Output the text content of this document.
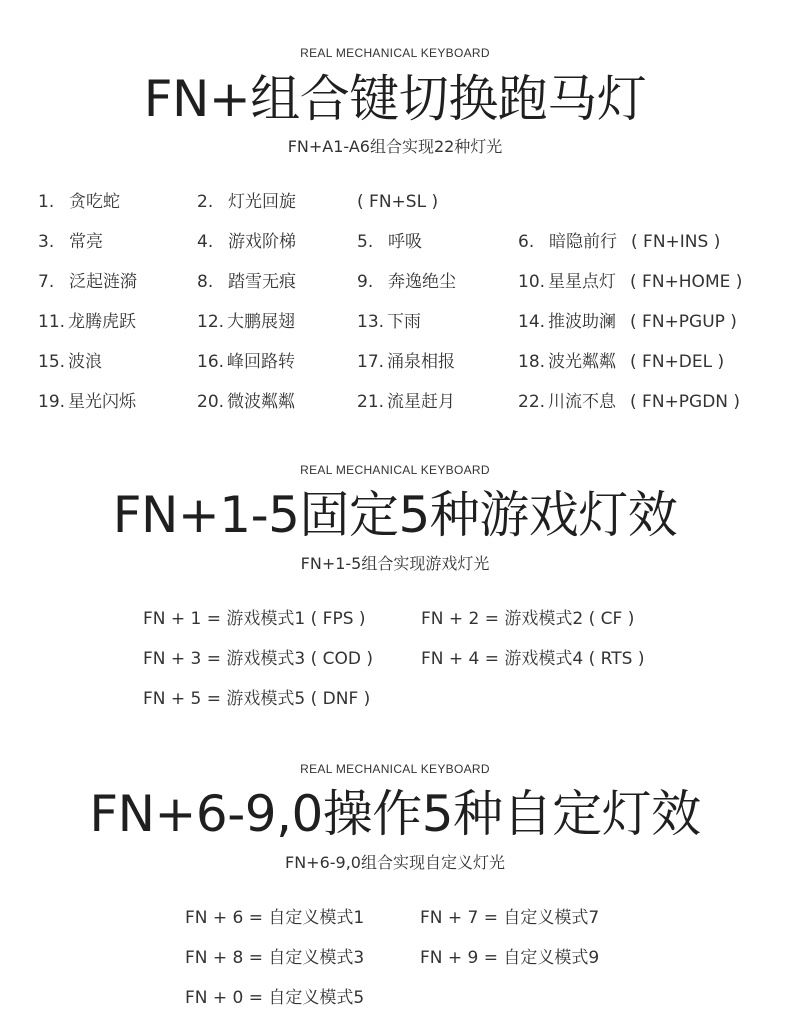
REAL MECHANICAL KEYBOARD
FN+组合键切换跑马灯
FN+A1-A6组合实现22种灯光
1. 贪吃蛇	2. 灯光回旋	( FN+SL )
3. 常亮	4. 游戏阶梯	5. 呼吸	6. 暗隐前行 ( FN+INS )
7. 泛起涟漪	8. 踏雪无痕	9. 奔逸绝尘	10. 星星点灯 ( FN+HOME )
11. 龙腾虎跃	12. 大鹏展翅	13. 下雨	14. 推波助澜 ( FN+PGUP )
15. 波浪	16. 峰回路转	17. 涌泉相报	18. 波光粼粼 ( FN+DEL )
19. 星光闪烁	20. 微波粼粼	21. 流星赶月	22. 川流不息 ( FN+PGDN )
REAL MECHANICAL KEYBOARD
FN+1-5固定5种游戏灯效
FN+1-5组合实现游戏灯光
FN + 1 = 游戏模式1 ( FPS )	FN + 2 = 游戏模式2 ( CF )
FN + 3 = 游戏模式3 ( COD )	FN + 4 = 游戏模式4 ( RTS )
FN + 5 = 游戏模式5 ( DNF )
REAL MECHANICAL KEYBOARD
FN+6-9,0操作5种自定灯效
FN+6-9,0组合实现自定义灯光
FN + 6 = 自定义模式1	FN + 7 = 自定义模式7
FN + 8 = 自定义模式3	FN + 9 = 自定义模式9
FN + 0 = 自定义模式5
